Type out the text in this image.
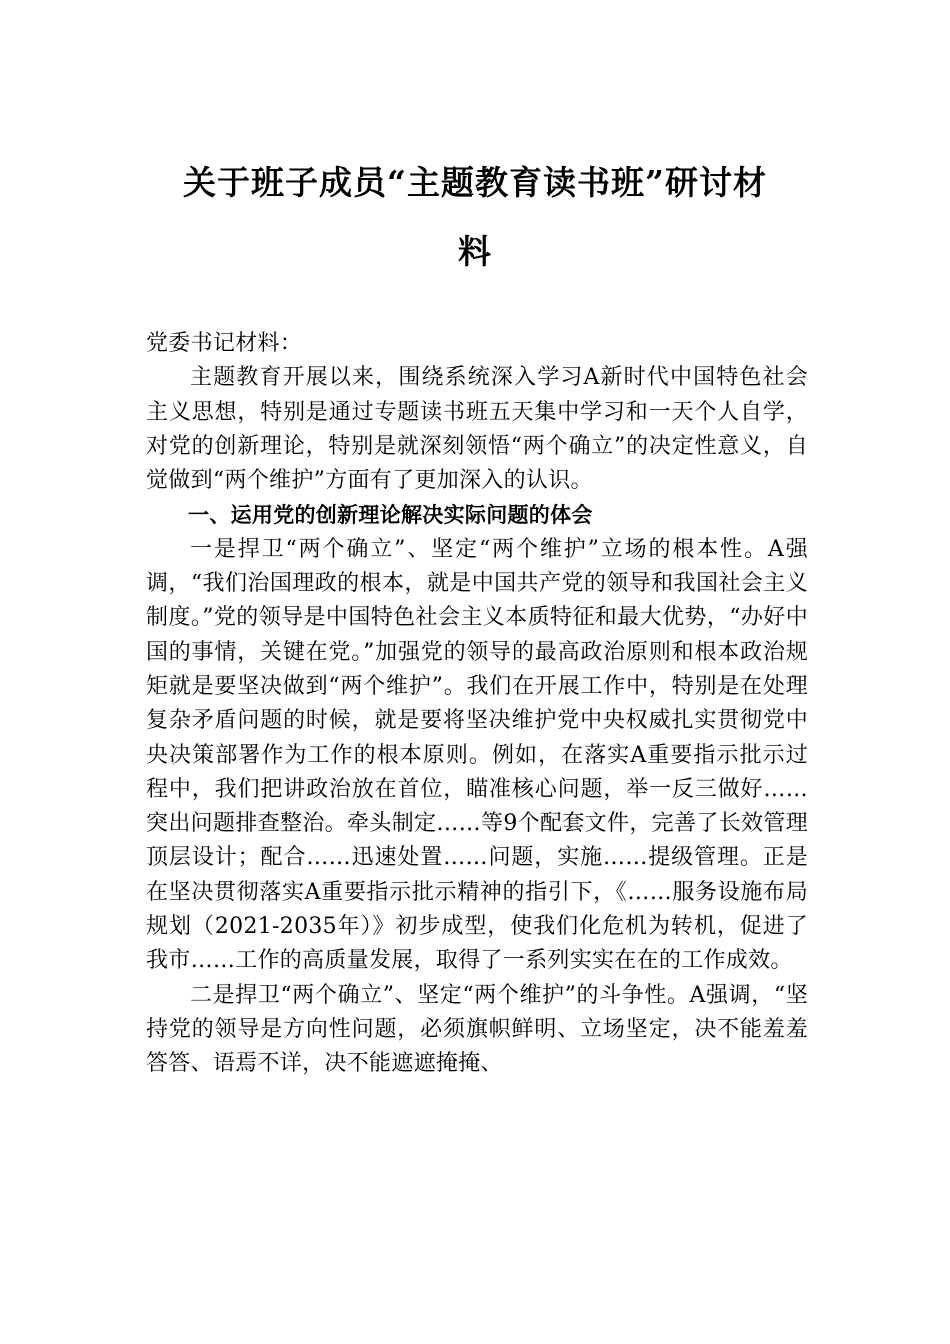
关于班子成员“主题教育读书班”研讨材
料

党委书记材料：

主题教育开展以来，围绕系统深入学习A新时代中国特色社会主义思想，特别是通过专题读书班五天集中学习和一天个人自学，对党的创新理论，特别是就深刻领悟“两个确立”的决定性意义，自觉做到“两个维护”方面有了更加深入的认识。

一、运用党的创新理论解决实际问题的体会

一是捍卫“两个确立”、坚定“两个维护”立场的根本性。A强调，“我们治国理政的根本，就是中国共产党的领导和我国社会主义制度。”党的领导是中国特色社会主义本质特征和最大优势，“办好中国的事情，关键在党。”加强党的领导的最高政治原则和根本政治规矩就是要坚决做到“两个维护”。我们在开展工作中，特别是在处理复杂矛盾问题的时候，就是要将坚决维护党中央权威扎实贯彻党中央决策部署作为工作的根本原则。例如，在落实A重要指示批示过程中，我们把讲政治放在首位，瞄准核心问题，举一反三做好……突出问题排查整治。牵头制定……等9个配套文件，完善了长效管理顶层设计；配合……迅速处置……问题，实施……提级管理。正是在坚决贯彻落实A重要指示批示精神的指引下，《……服务设施布局规划（2021-2035年）》初步成型，使我们化危机为转机，促进了我市……工作的高质量发展，取得了一系列实实在在的工作成效。

二是捍卫“两个确立”、坚定“两个维护”的斗争性。A强调，“坚持党的领导是方向性问题，必须旗帜鲜明、立场坚定，决不能羞羞答答、语焉不详，决不能遮遮掩掩、
